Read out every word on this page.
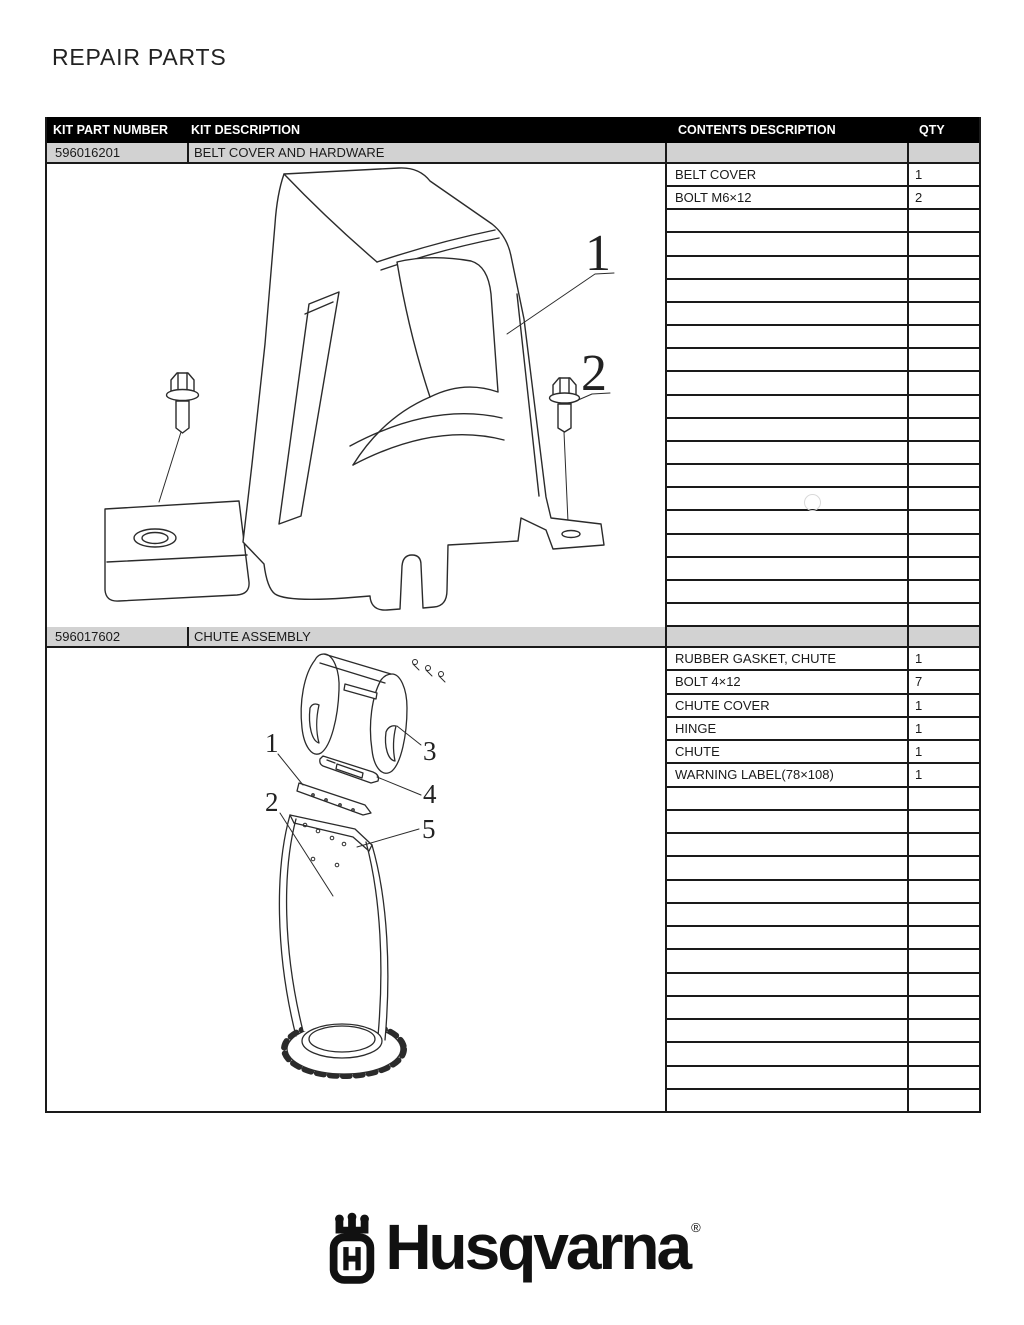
REPAIR PARTS
KIT PART NUMBER	KIT DESCRIPTION	CONTENTS DESCRIPTION	QTY
596016201	BELT COVER AND HARDWARE
1
2
BELT COVER	1
BOLT M6×12	2
596017602	CHUTE ASSEMBLY
1
2
3
4
5
RUBBER GASKET, CHUTE	1
BOLT 4×12	7
CHUTE COVER	1
HINGE	1
CHUTE	1
WARNING LABEL(78×108)	1
Husqvarna ®
